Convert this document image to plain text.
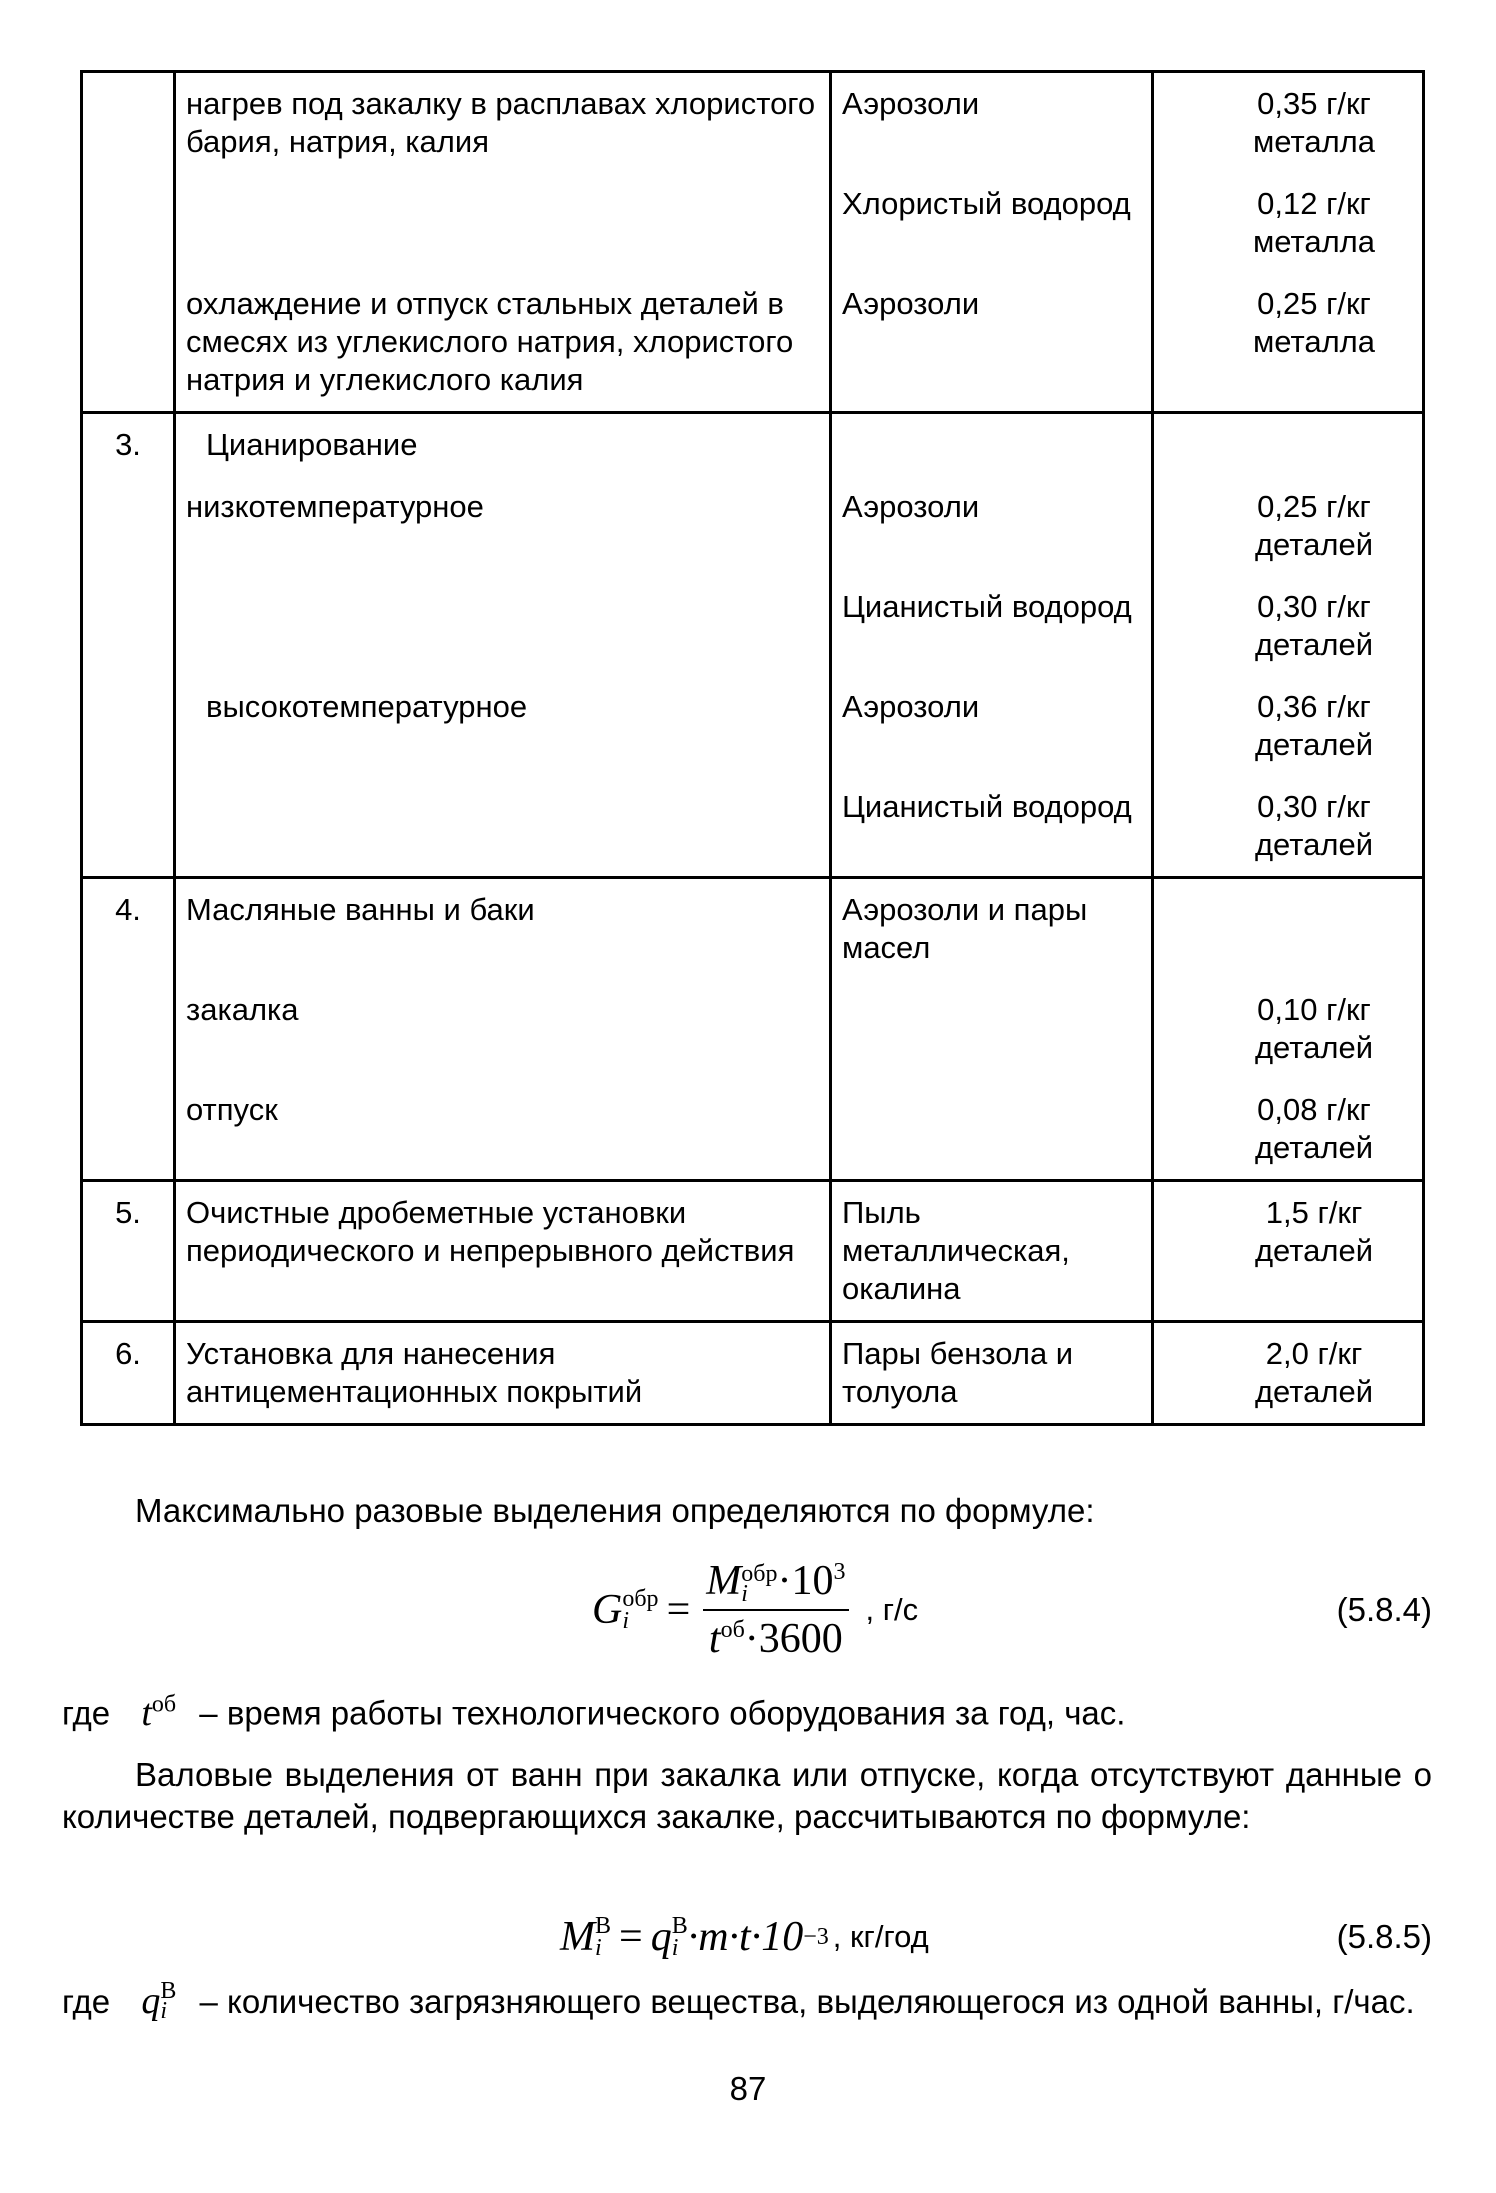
	нагрев под закалку в расплавах хлористого бария, натрия, калия	Аэрозоли	0,35 г/кг металла
		Хлористый водород	0,12 г/кг металла
	охлаждение и отпуск стальных деталей в смесях из углекислого натрия, хлористого натрия и углекислого калия	Аэрозоли	0,25 г/кг металла
3.	Цианирование		
	низкотемпературное	Аэрозоли	0,25 г/кг деталей
		Цианистый водород	0,30 г/кг деталей
	высокотемпературное	Аэрозоли	0,36 г/кг деталей
		Цианистый водород	0,30 г/кг деталей
4.	Масляные ванны и баки	Аэрозоли и пары масел	
	закалка		0,10 г/кг деталей
	отпуск		0,08 г/кг деталей
5.	Очистные дробеметные установки периодического и непрерывного действия	Пыль металлическая, окалина	1,5 г/кг деталей
6.	Установка для нанесения антицементационных покрытий	Пары бензола и толуола	2,0 г/кг деталей
Максимально разовые выделения определяются по формуле:
G обр
i = M обр
$i \cdot 10^3$
$t^{об}\cdot 3600$ , г/с	(5.8.4)
где $t^{об}$ – время работы технологического оборудования за год, час.
Валовые выделения от ванн при закалка или отпуске, когда отсутствуют данные о количестве деталей, подвергающихся закалке, рассчитываются по формуле:
M В
i = q В
i ·m·t·10 −3 , кг/год	(5.8.5)
где q В
i – количество загрязняющего вещества, выделяющегося из одной ванны, г/час.
87
